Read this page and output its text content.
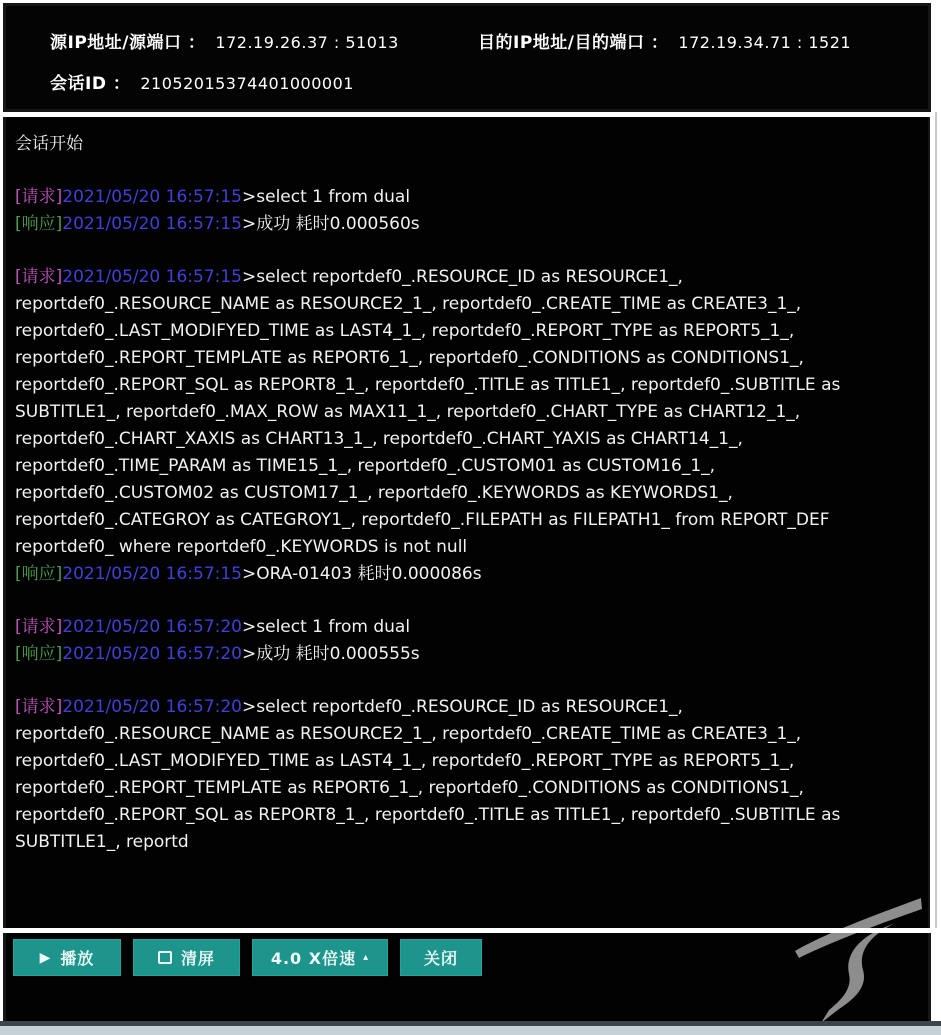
源IP地址/源端口 ： 172.19.26.37 : 51013	目的IP地址/目的端口 ： 172.19.34.71 : 1521
会话ID ： 21052015374401000001
会话开始
[请求]2021/05/20 16:57:15>select 1 from dual
[响应]2021/05/20 16:57:15>成功 耗时0.000560s
[请求]2021/05/20 16:57:15>select reportdef0_.RESOURCE_ID as RESOURCE1_, reportdef0_.RESOURCE_NAME as RESOURCE2_1_, reportdef0_.CREATE_TIME as CREATE3_1_, reportdef0_.LAST_MODIFYED_TIME as LAST4_1_, reportdef0_.REPORT_TYPE as REPORT5_1_, reportdef0_.REPORT_TEMPLATE as REPORT6_1_, reportdef0_.CONDITIONS as CONDITIONS1_, reportdef0_.REPORT_SQL as REPORT8_1_, reportdef0_.TITLE as TITLE1_, reportdef0_.SUBTITLE as SUBTITLE1_, reportdef0_.MAX_ROW as MAX11_1_, reportdef0_.CHART_TYPE as CHART12_1_, reportdef0_.CHART_XAXIS as CHART13_1_, reportdef0_.CHART_YAXIS as CHART14_1_, reportdef0_.TIME_PARAM as TIME15_1_, reportdef0_.CUSTOM01 as CUSTOM16_1_, reportdef0_.CUSTOM02 as CUSTOM17_1_, reportdef0_.KEYWORDS as KEYWORDS1_, reportdef0_.CATEGROY as CATEGROY1_, reportdef0_.FILEPATH as FILEPATH1_ from REPORT_DEF reportdef0_ where reportdef0_.KEYWORDS is not null
[响应]2021/05/20 16:57:15>ORA-01403 耗时0.000086s
[请求]2021/05/20 16:57:20>select 1 from dual
[响应]2021/05/20 16:57:20>成功 耗时0.000555s
[请求]2021/05/20 16:57:20>select reportdef0_.RESOURCE_ID as RESOURCE1_, reportdef0_.RESOURCE_NAME as RESOURCE2_1_, reportdef0_.CREATE_TIME as CREATE3_1_, reportdef0_.LAST_MODIFYED_TIME as LAST4_1_, reportdef0_.REPORT_TYPE as REPORT5_1_, reportdef0_.REPORT_TEMPLATE as REPORT6_1_, reportdef0_.CONDITIONS as CONDITIONS1_, reportdef0_.REPORT_SQL as REPORT8_1_, reportdef0_.TITLE as TITLE1_, reportdef0_.SUBTITLE as SUBTITLE1_, reportd
▶ 播放	清屏	4.0 X倍速 ▴	关闭
